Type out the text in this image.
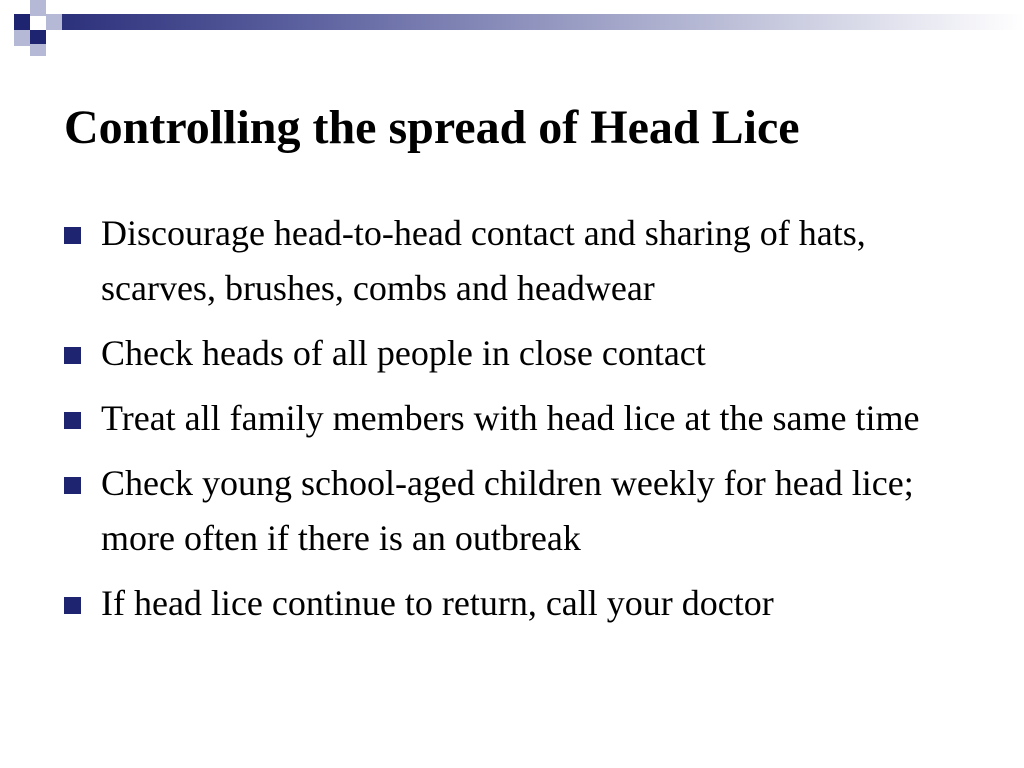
Controlling the spread of Head Lice
Discourage head-to-head contact and sharing of hats, scarves, brushes, combs and headwear
Check heads of all people in close contact
Treat all family members with head lice at the same time
Check young school-aged children weekly for head lice; more often if there is an outbreak
If head lice continue to return, call your doctor
